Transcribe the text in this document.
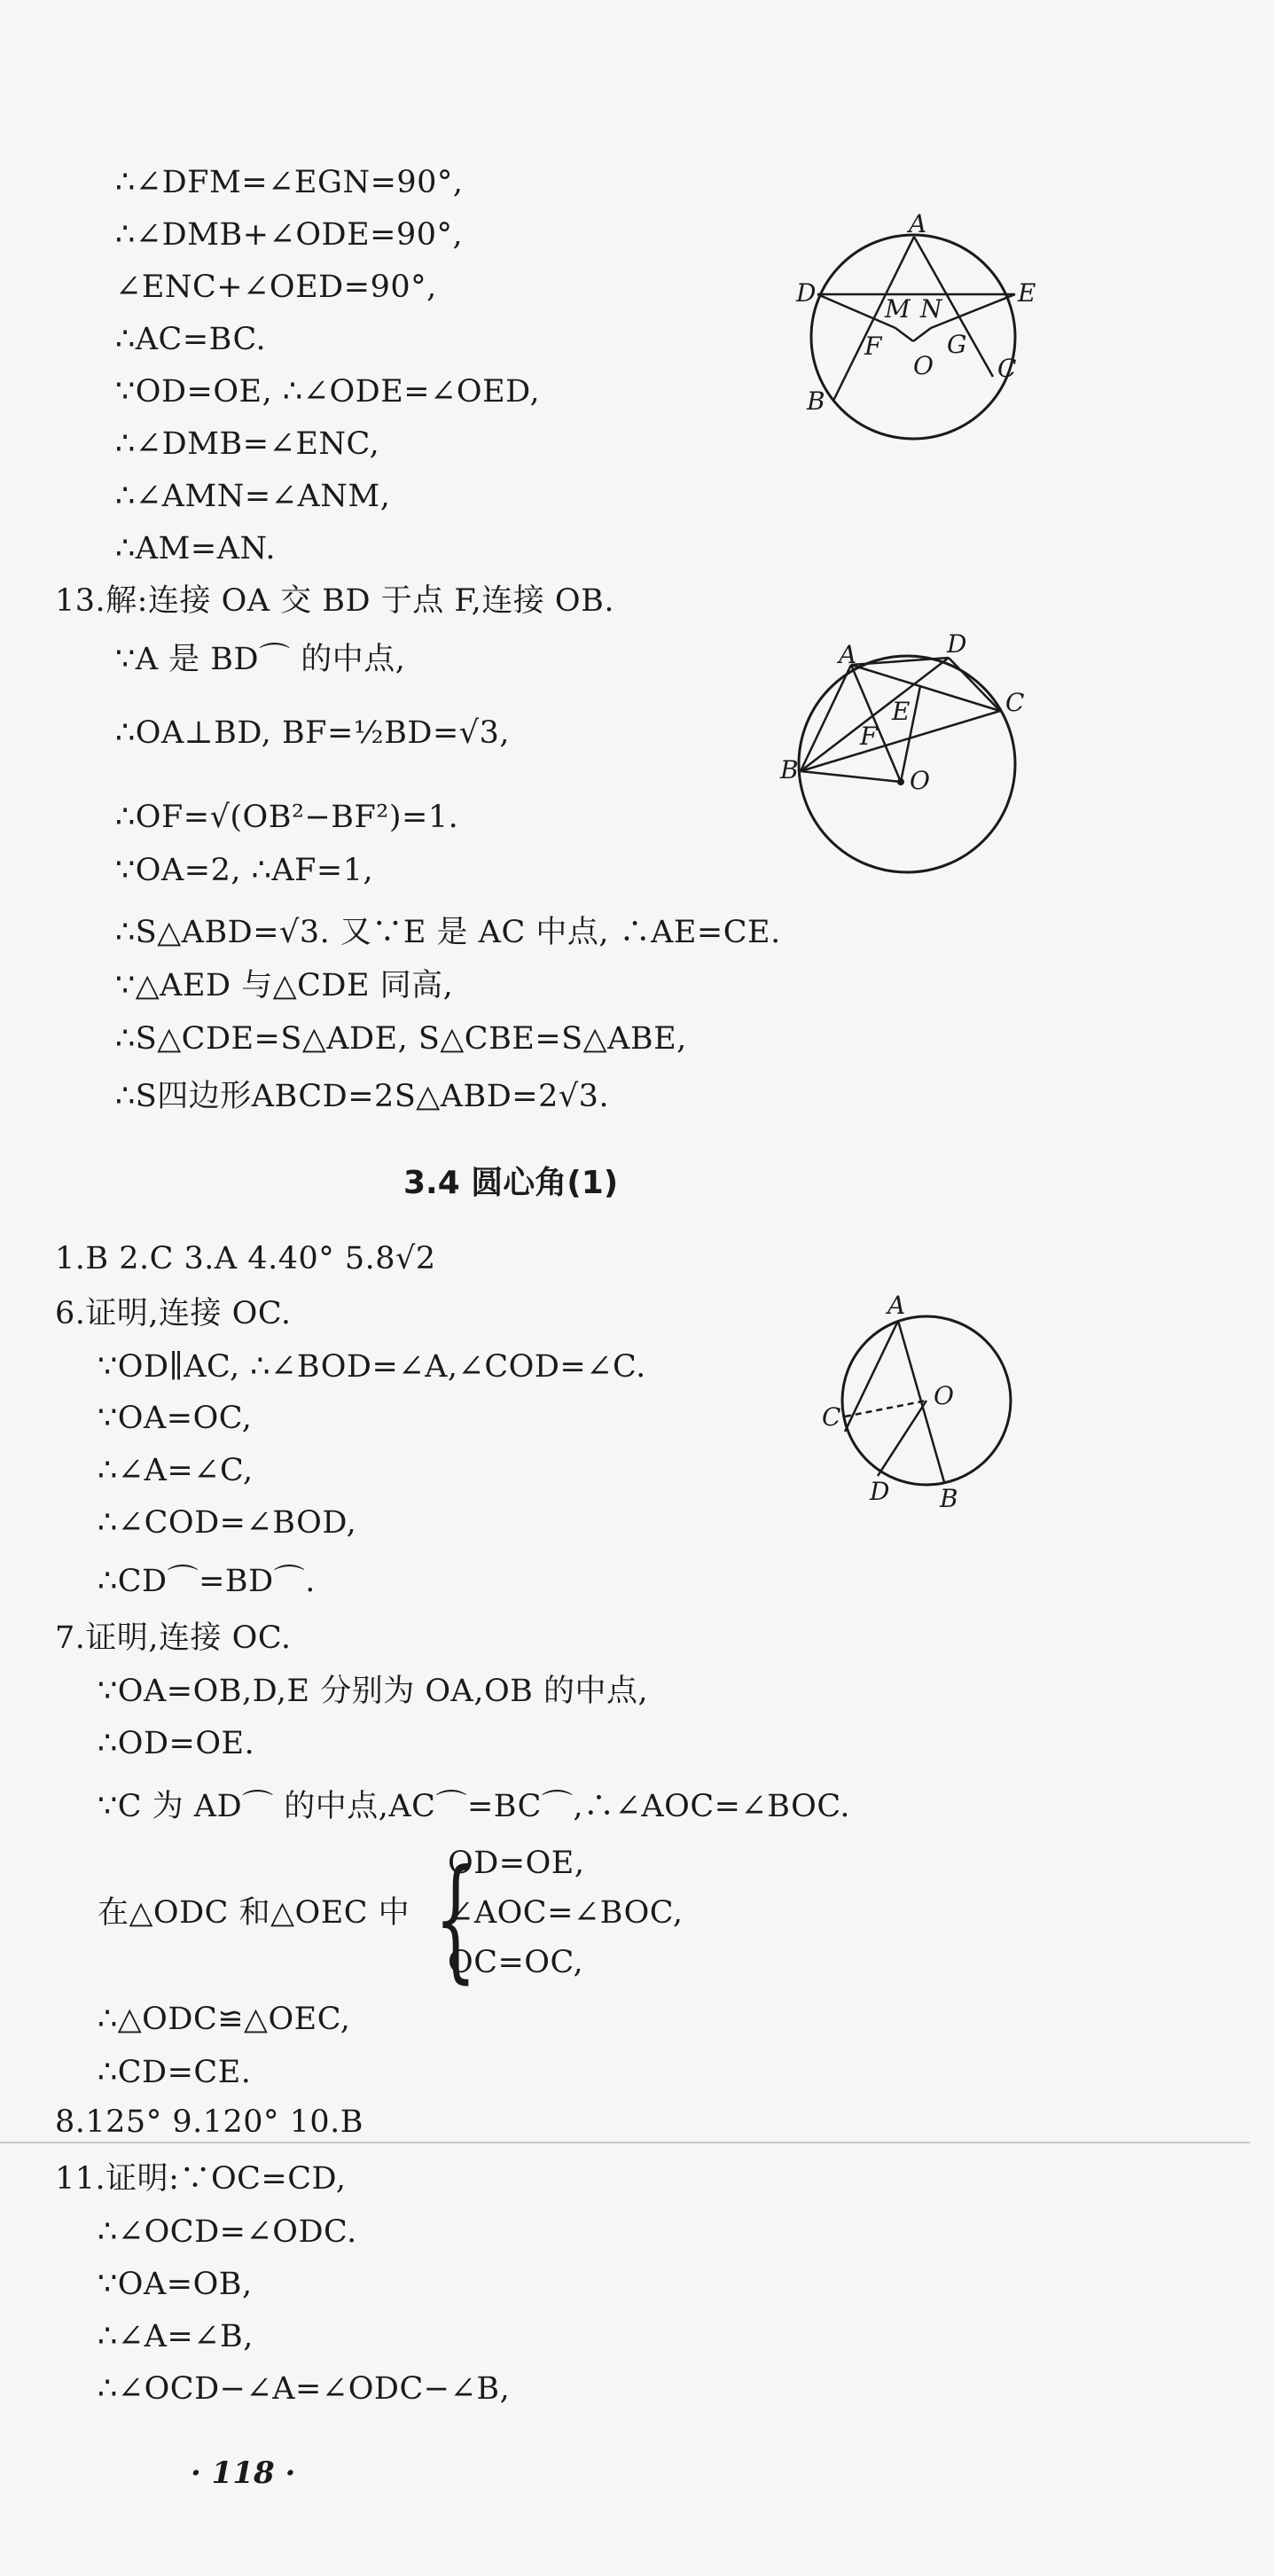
∴∠DFM=∠EGN=90°,
∴∠DMB+∠ODE=90°,
∠ENC+∠OED=90°,
∴AC=BC.
∵OD=OE, ∴∠ODE=∠OED,
∴∠DMB=∠ENC,
∴∠AMN=∠ANM,
∴AM=AN.
13.解:连接 OA 交 BD 于点 F,连接 OB.
∵A 是 BD⌒ 的中点,
∴OA⊥BD, BF=½BD=√3,
∴OF=√(OB²−BF²)=1.
∵OA=2, ∴AF=1,
∴S△ABD=√3. 又∵E 是 AC 中点, ∴AE=CE.
∵△AED 与△CDE 同高,
∴S△CDE=S△ADE, S△CBE=S△ABE,
∴S四边形ABCD=2S△ABD=2√3.
3.4 圆心角(1)
1.B 2.C 3.A 4.40° 5.8√2
6.证明,连接 OC.
∵OD∥AC, ∴∠BOD=∠A,∠COD=∠C.
∵OA=OC,
∴∠A=∠C,
∴∠COD=∠BOD,
∴CD⌒=BD⌒.
7.证明,连接 OC.
∵OA=OB,D,E 分别为 OA,OB 的中点,
∴OD=OE.
∵C 为 AD⌒ 的中点,AC⌒=BC⌒,∴∠AOC=∠BOC.
在△ODC 和△OEC 中 {
OD=OE,
∠AOC=∠BOC,
OC=OC,
∴△ODC≌△OEC,
∴CD=CE.
8.125° 9.120° 10.B
11.证明:∵OC=CD,
∴∠OCD=∠ODC.
∵OA=OB,
∴∠A=∠B,
∴∠OCD−∠A=∠ODC−∠B,
· 118 ·
A
D	E
M N
F	G
O
B
C
A	D
C
E
F
B	O
A
C
O
D B
